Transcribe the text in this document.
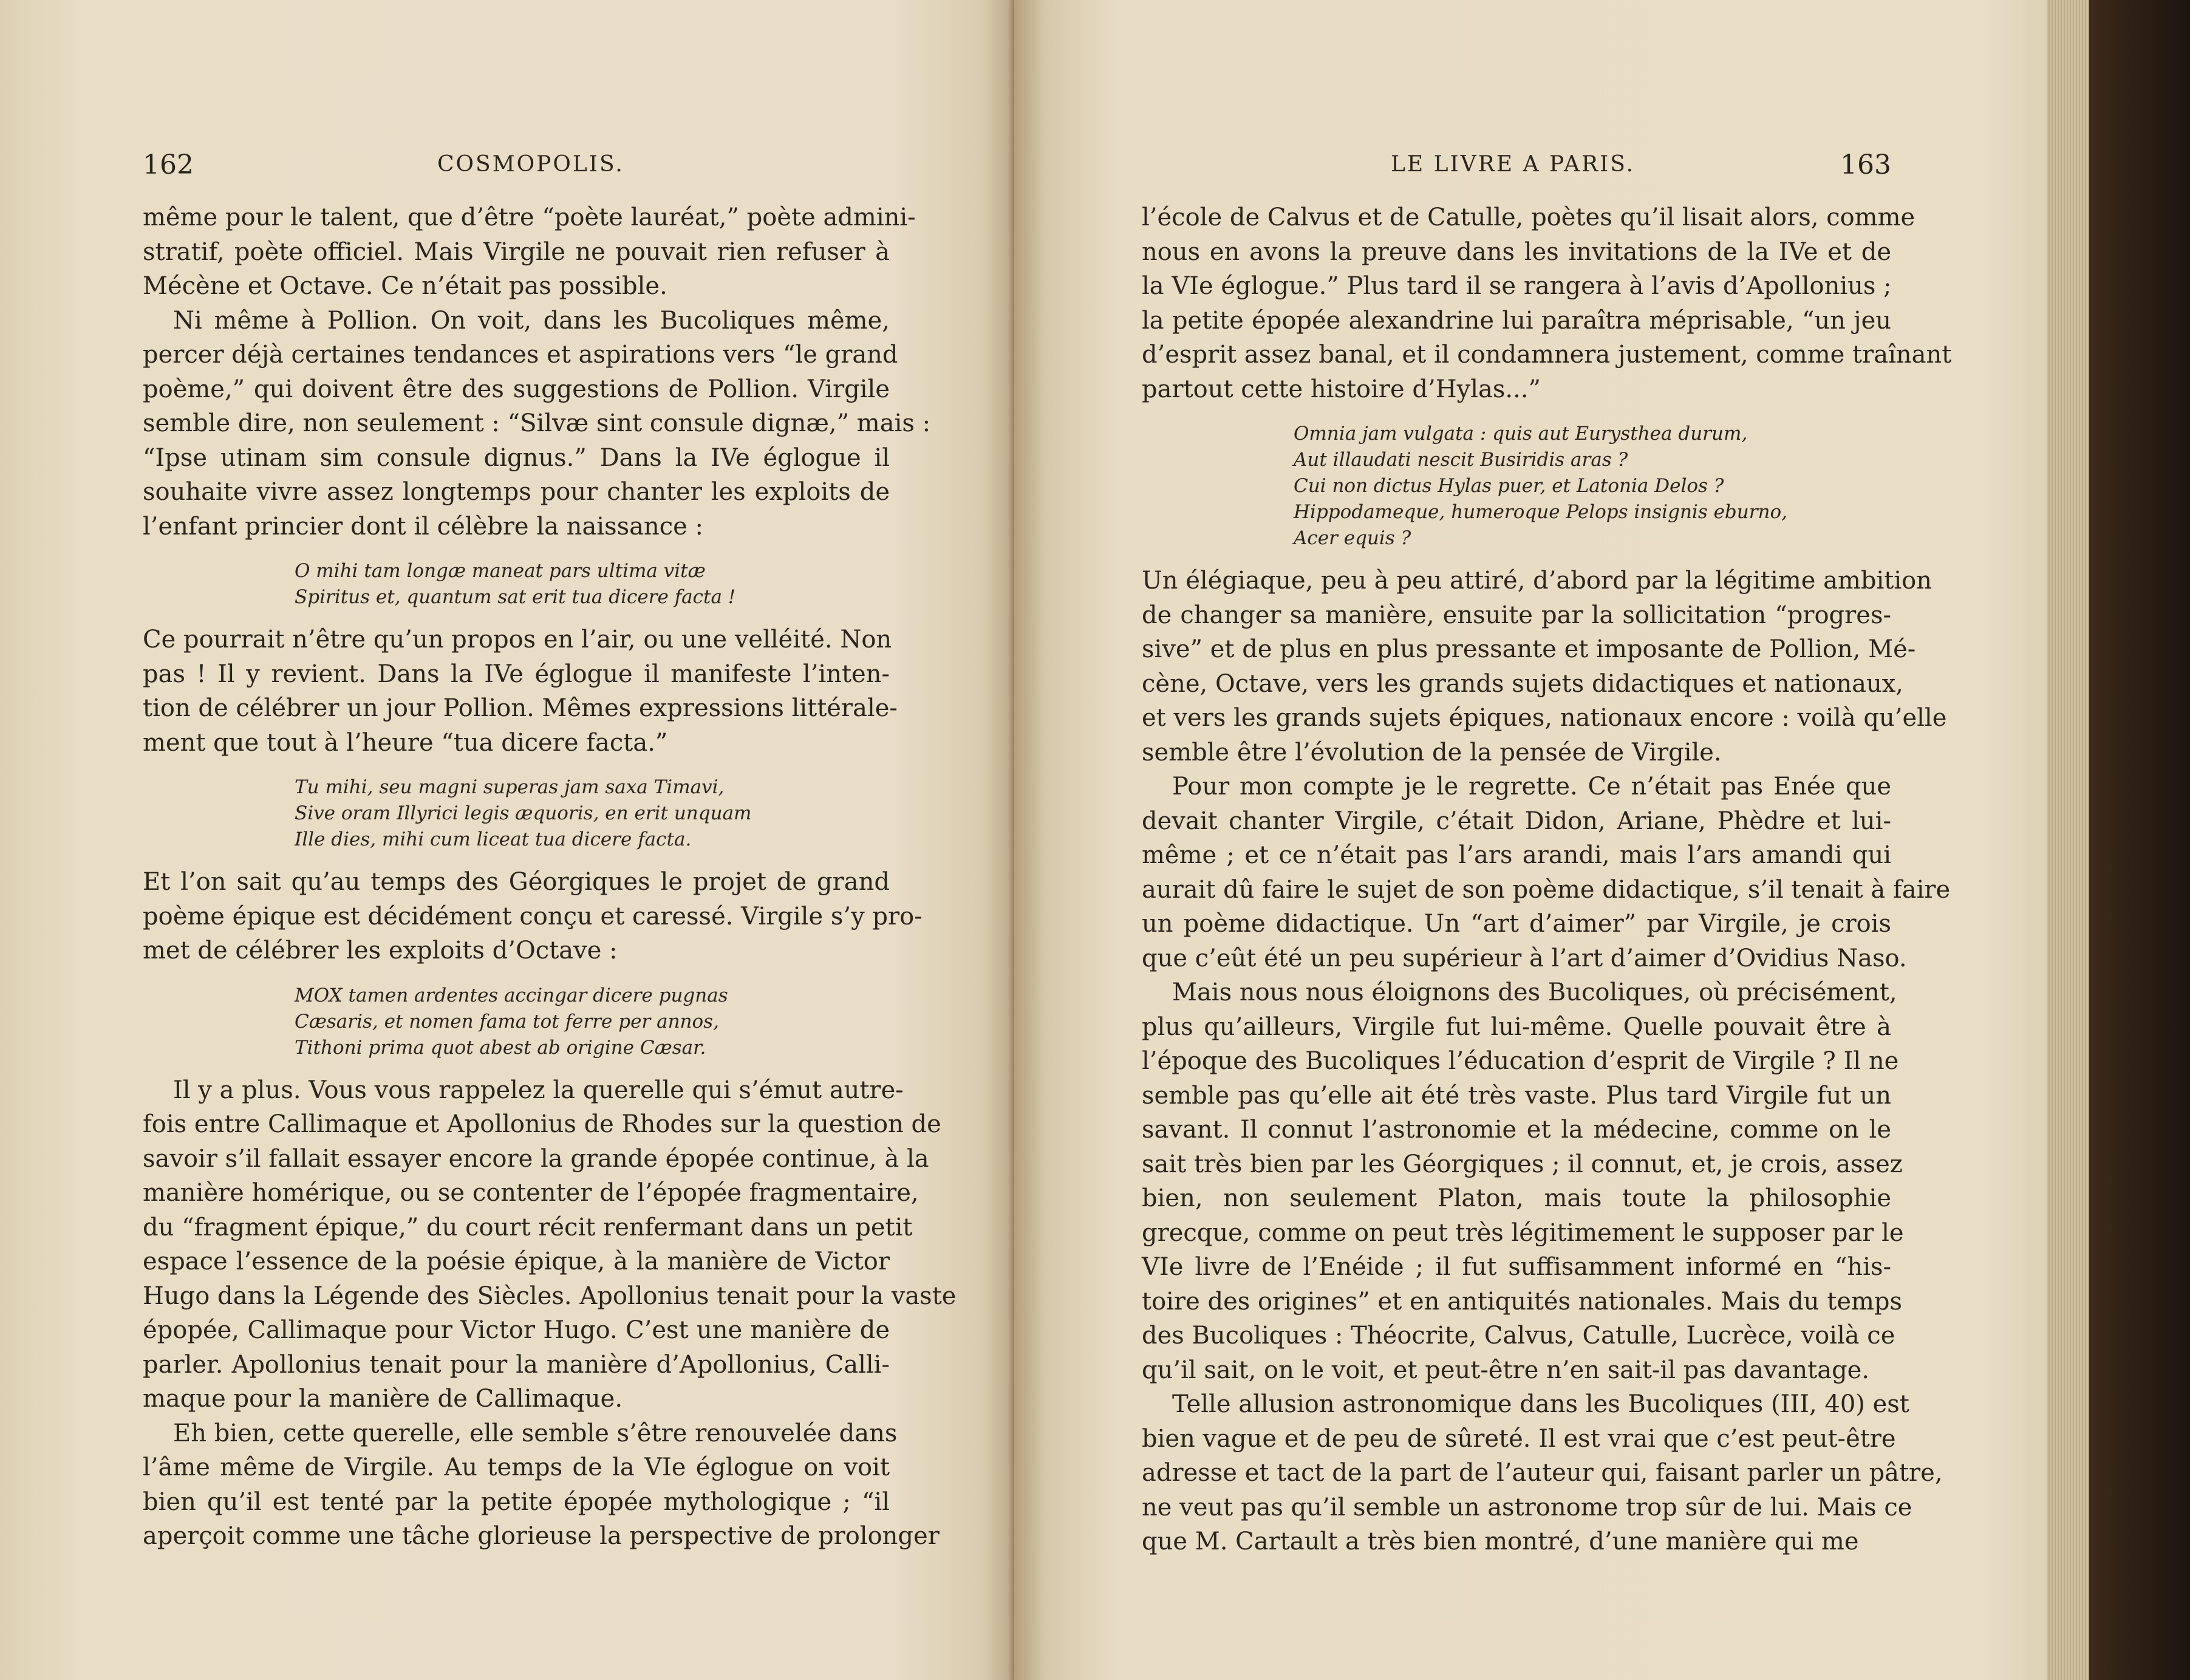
162	COSMOPOLIS.

même pour le talent, que d’être “poète lauréat,” poète admini-
stratif, poète officiel. Mais Virgile ne pouvait rien refuser à
Mécène et Octave. Ce n’était pas possible.

Ni même à Pollion. On voit, dans les Bucoliques même,
percer déjà certaines tendances et aspirations vers “le grand
poème,” qui doivent être des suggestions de Pollion. Virgile
semble dire, non seulement : “Silvæ sint consule dignæ,” mais :
“Ipse utinam sim consule dignus.” Dans la IVe églogue il
souhaite vivre assez longtemps pour chanter les exploits de
l’enfant princier dont il célèbre la naissance :

O mihi tam longæ maneat pars ultima vitæ
Spiritus et, quantum sat erit tua dicere facta !

Ce pourrait n’être qu’un propos en l’air, ou une velléité. Non
pas ! Il y revient. Dans la IVe églogue il manifeste l’inten-
tion de célébrer un jour Pollion. Mêmes expressions littérale-
ment que tout à l’heure “tua dicere facta.”

Tu mihi, seu magni superas jam saxa Timavi,
Sive oram Illyrici legis æquoris, en erit unquam
Ille dies, mihi cum liceat tua dicere facta.

Et l’on sait qu’au temps des Géorgiques le projet de grand
poème épique est décidément conçu et caressé. Virgile s’y pro-
met de célébrer les exploits d’Octave :

MOX tamen ardentes accingar dicere pugnas
Cæsaris, et nomen fama tot ferre per annos,
Tithoni prima quot abest ab origine Cæsar.

Il y a plus. Vous vous rappelez la querelle qui s’émut autre-
fois entre Callimaque et Apollonius de Rhodes sur la question de
savoir s’il fallait essayer encore la grande épopée continue, à la
manière homérique, ou se contenter de l’épopée fragmentaire,
du “fragment épique,” du court récit renfermant dans un petit
espace l’essence de la poésie épique, à la manière de Victor
Hugo dans la Légende des Siècles. Apollonius tenait pour la vaste
épopée, Callimaque pour Victor Hugo. C’est une manière de
parler. Apollonius tenait pour la manière d’Apollonius, Calli-
maque pour la manière de Callimaque.

Eh bien, cette querelle, elle semble s’être renouvelée dans
l’âme même de Virgile. Au temps de la VIe églogue on voit
bien qu’il est tenté par la petite épopée mythologique ; “il
aperçoit comme une tâche glorieuse la perspective de prolonger

LE LIVRE A PARIS.	163

l’école de Calvus et de Catulle, poètes qu’il lisait alors, comme
nous en avons la preuve dans les invitations de la IVe et de
la VIe églogue.” Plus tard il se rangera à l’avis d’Apollonius ;
la petite épopée alexandrine lui paraîtra méprisable, “un jeu
d’esprit assez banal, et il condamnera justement, comme traînant
partout cette histoire d’Hylas...”

Omnia jam vulgata : quis aut Eurysthea durum,
Aut illaudati nescit Busiridis aras ?
Cui non dictus Hylas puer, et Latonia Delos ?
Hippodameque, humeroque Pelops insignis eburno,
Acer equis ?

Un élégiaque, peu à peu attiré, d’abord par la légitime ambition
de changer sa manière, ensuite par la sollicitation “progres-
sive” et de plus en plus pressante et imposante de Pollion, Mé-
cène, Octave, vers les grands sujets didactiques et nationaux,
et vers les grands sujets épiques, nationaux encore : voilà qu’elle
semble être l’évolution de la pensée de Virgile.

Pour mon compte je le regrette. Ce n’était pas Enée que
devait chanter Virgile, c’était Didon, Ariane, Phèdre et lui-
même ; et ce n’était pas l’ars arandi, mais l’ars amandi qui
aurait dû faire le sujet de son poème didactique, s’il tenait à faire
un poème didactique. Un “art d’aimer” par Virgile, je crois
que c’eût été un peu supérieur à l’art d’aimer d’Ovidius Naso.

Mais nous nous éloignons des Bucoliques, où précisément,
plus qu’ailleurs, Virgile fut lui-même. Quelle pouvait être à
l’époque des Bucoliques l’éducation d’esprit de Virgile ? Il ne
semble pas qu’elle ait été très vaste. Plus tard Virgile fut un
savant. Il connut l’astronomie et la médecine, comme on le
sait très bien par les Géorgiques ; il connut, et, je crois, assez
bien, non seulement Platon, mais toute la philosophie
grecque, comme on peut très légitimement le supposer par le
VIe livre de l’Enéide ; il fut suffisamment informé en “his-
toire des origines” et en antiquités nationales. Mais du temps
des Bucoliques : Théocrite, Calvus, Catulle, Lucrèce, voilà ce
qu’il sait, on le voit, et peut-être n’en sait-il pas davantage.

Telle allusion astronomique dans les Bucoliques (III, 40) est
bien vague et de peu de sûreté. Il est vrai que c’est peut-être
adresse et tact de la part de l’auteur qui, faisant parler un pâtre,
ne veut pas qu’il semble un astronome trop sûr de lui. Mais ce
que M. Cartault a très bien montré, d’une manière qui me
